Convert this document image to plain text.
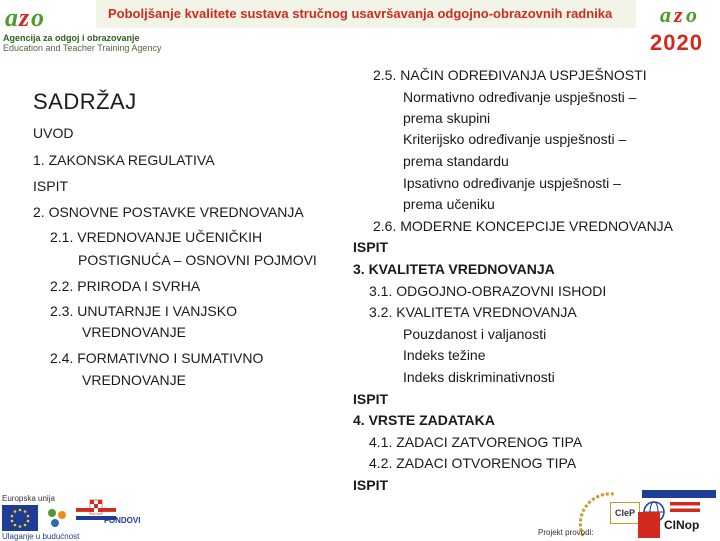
a z o
Agencija za odgoj i obrazovanje
Education and Teacher Training Agency
Poboljšanje kvalitete sustava stručnog usavršavanja odgojno-obrazovnih radnika a z o
2020
SADRŽAJ
UVOD
1. ZAKONSKA REGULATIVA
ISPIT
2. OSNOVNE POSTAVKE VREDNOVANJA
2.1. VREDNOVANJE UČENIČKIH
POSTIGNUĆA – OSNOVNI POJMOVI
2.2. PRIRODA I SVRHA
2.3. UNUTARNJE I VANJSKO
VREDNOVANJE
2.4. FORMATIVNO I SUMATIVNO
VREDNOVANJE
2.5. NAČIN ODREĐIVANJA USPJEŠNOSTI
Normativno određivanje uspješnosti –
prema skupini
Kriterijsko određivanje uspješnosti –
prema standardu
Ipsativno određivanje uspješnosti –
prema učeniku
2.6. MODERNE KONCEPCIJE VREDNOVANJA
ISPIT
3. KVALITETA VREDNOVANJA
3.1. ODGOJNO-OBRAZOVNI ISHODI
3.2. KVALITETA VREDNOVANJA
Pouzdanost i valjanosti
Indeks težine
Indeks diskriminativnosti
ISPIT
4. VRSTE ZADATAKA
4.1. ZADACI ZATVORENOG TIPA
4.2. ZADACI OTVORENOG TIPA
ISPIT
Europska unija
FONDOVI
Ulaganje u budućnost
CIeP
CINop
Projekt provodi:
